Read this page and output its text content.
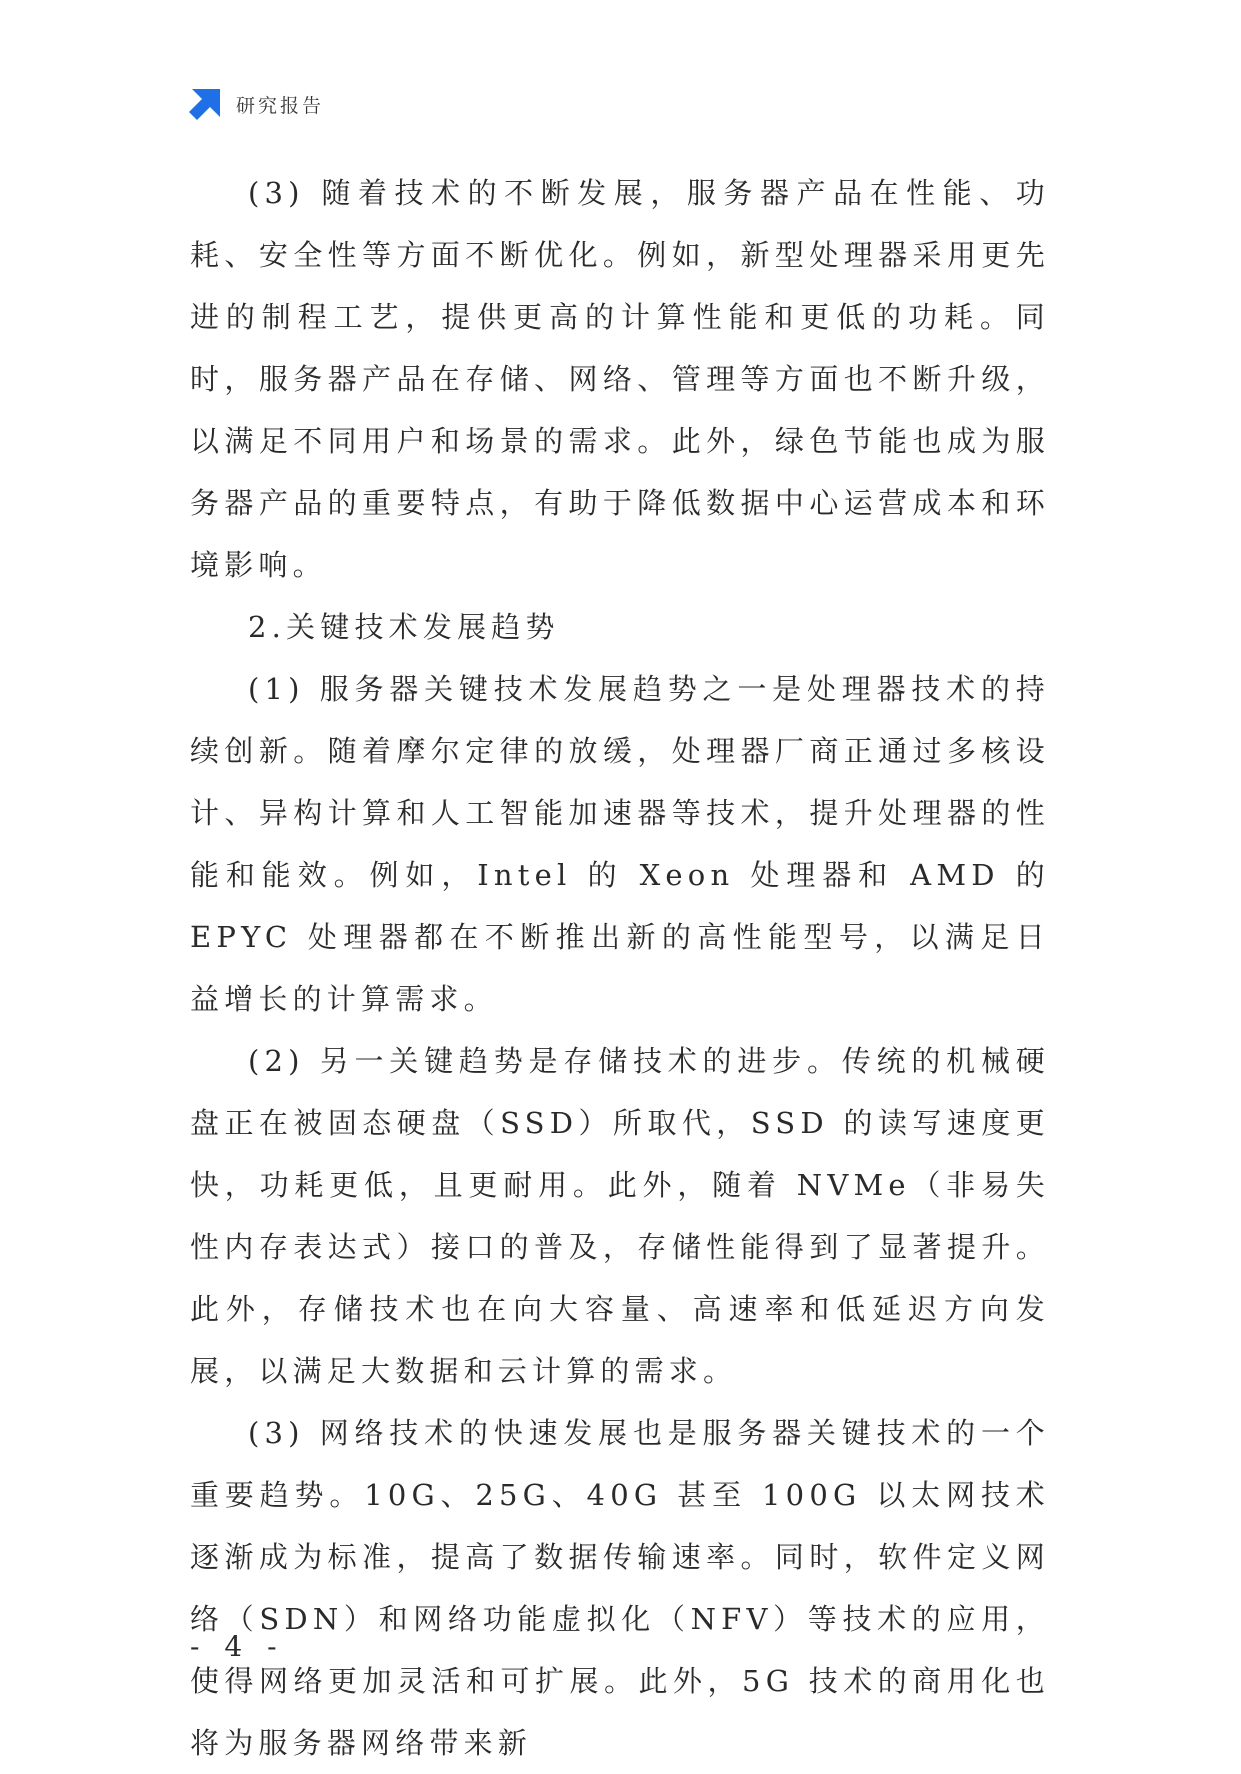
研究报告

(3) 随着技术的不断发展，服务器产品在性能、功耗、安全性等方面不断优化。例如，新型处理器采用更先进的制程工艺，提供更高的计算性能和更低的功耗。同时，服务器产品在存储、网络、管理等方面也不断升级，以满足不同用户和场景的需求。此外，绿色节能也成为服务器产品的重要特点，有助于降低数据中心运营成本和环境影响。

2.关键技术发展趋势

(1) 服务器关键技术发展趋势之一是处理器技术的持续创新。随着摩尔定律的放缓，处理器厂商正通过多核设计、异构计算和人工智能加速器等技术，提升处理器的性能和能效。例如，Intel 的 Xeon 处理器和 AMD 的 EPYC 处理器都在不断推出新的高性能型号，以满足日益增长的计算需求。

(2) 另一关键趋势是存储技术的进步。传统的机械硬盘正在被固态硬盘（SSD）所取代，SSD 的读写速度更快，功耗更低，且更耐用。此外，随着 NVMe（非易失性内存表达式）接口的普及，存储性能得到了显著提升。此外，存储技术也在向大容量、高速率和低延迟方向发展，以满足大数据和云计算的需求。

(3) 网络技术的快速发展也是服务器关键技术的一个重要趋势。10G、25G、40G 甚至 100G 以太网技术逐渐成为标准，提高了数据传输速率。同时，软件定义网络（SDN）和网络功能虚拟化（NFV）等技术的应用，使得网络更加灵活和可扩展。此外，5G 技术的商用化也将为服务器网络带来新

- 4 -
